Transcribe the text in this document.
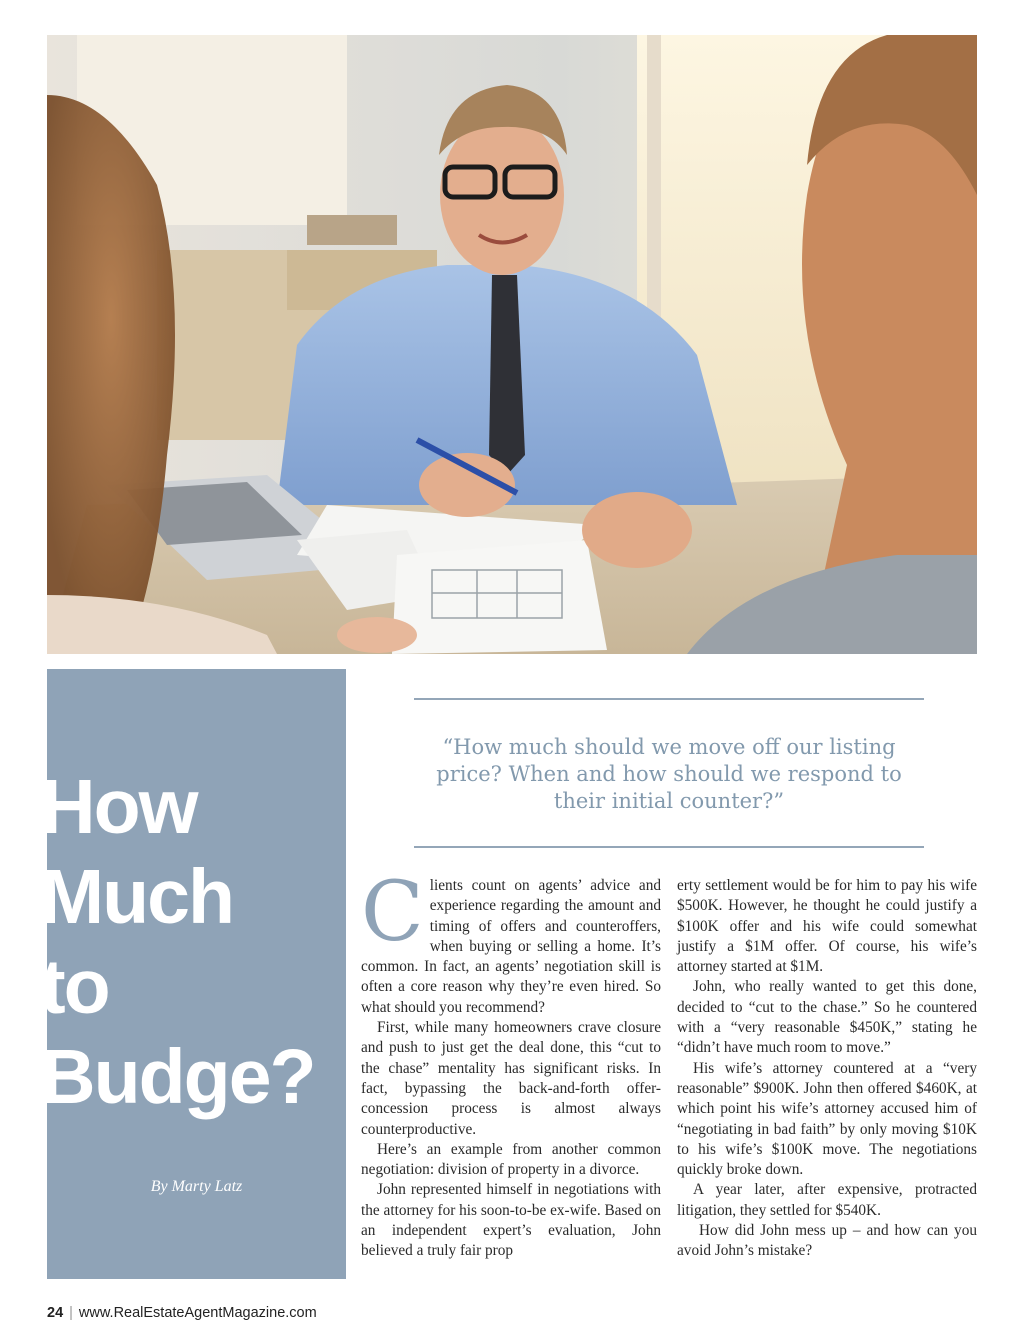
How
Much
to
Budge?
By Marty Latz
“How much should we move off our listing price? When and how should we respond to their initial counter?”

Clients count on agents’ advice and experience regarding the amount and timing of offers and counteroffers, when buying or selling a home. It’s common. In fact, an agents’ negotiation skill is often a core reason why they’re even hired. So what should you recommend?

First, while many homeowners crave closure and push to just get the deal done, this “cut to the chase” mentality has significant risks. In fact, bypassing the back-and-forth offer-concession process is almost always counterproductive.

Here’s an example from another common negotiation: division of property in a divorce.

John represented himself in negotiations with the attorney for his soon-to-be ex-wife. Based on an independent expert’s evaluation, John believed a truly fair prop

erty settlement would be for him to pay his wife $500K. However, he thought he could justify a $100K offer and his wife could somewhat justify a $1M offer. Of course, his wife’s attorney started at $1M.

John, who really wanted to get this done, decided to “cut to the chase.” So he countered with a “very reasonable $450K,” stating he “didn’t have much room to move.”

His wife’s attorney countered at a “very reasonable” $900K. John then offered $460K, at which point his wife’s attorney accused him of “negotiating in bad faith” by only moving $10K to his wife’s $100K move. The negotiations quickly broke down.

A year later, after expensive, protracted litigation, they settled for $540K.

How did John mess up – and how can you avoid John’s mistake?

24 | www.RealEstateAgentMagazine.com
